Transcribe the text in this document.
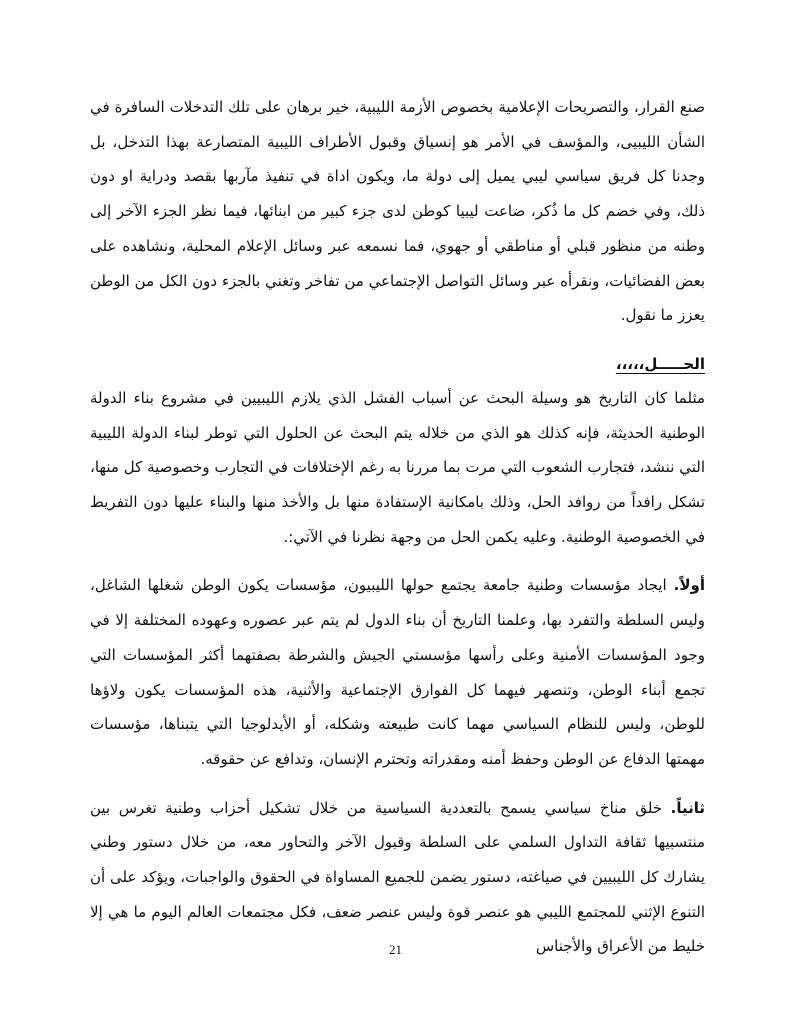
صنع القرار، والتصريحات الإعلامية بخصوص الأزمة الليبية، خير برهان على تلك التدخلات السافرة في الشأن الليبيى، والمؤسف في الأمر هو إنسياق وقبول الأطراف الليبية المتصارعة بهذا التدخل، بل وجدنا كل فريق سياسي ليبي يميل إلى دولة ما، ويكون اداة في تنفيذ مآربها بقصد ودراية او دون ذلك، وفي خضم كل ما ذُكر، ضاعت ليبيا كوطن لدى جزء كبير من ابنائها، فيما نظر الجزء الآخر إلى وطنه من منظور قبلي أو مناطقي أو جهوي، فما نسمعه عبر وسائل الإعلام المحلية، ونشاهده على بعض الفضائيات، ونقرأه عبر وسائل التواصل الإجتماعي من تفاخر وتغني بالجزء دون الكل من الوطن يعزز ما نقول.

الحـــــل،،،،،

مثلما كان التاريخ هو وسيلة البحث عن أسباب الفشل الذي يلازم الليبيين في مشروع بناء الدولة الوطنية الحديثة، فإنه كذلك هو الذي من خلاله يتم البحث عن الحلول التي توطر لبناء الدولة الليبية التي ننشد، فتجارب الشعوب التي مرت بما مررنا به رغم الإختلافات في التجارب وخصوصية كل منها، تشكل رافداً من روافد الحل، وذلك بامكانية الإستفادة منها بل والأخذ منها والبناء عليها دون التفريط في الخصوصية الوطنية. وعليه يكمن الحل من وجهة نظرنا في الآتي:.

أولاً. ايجاد مؤسسات وطنية جامعة يجتمع حولها الليبيون، مؤسسات يكون الوطن شغلها الشاغل، وليس السلطة والتفرد بها، وعلمنا التاريخ أن بناء الدول لم يتم عبر عصوره وعهوده المختلفة إلا في وجود المؤسسات الأمنية وعلى رأسها مؤسستي الجيش والشرطة بصفتهما أكثر المؤسسات التي تجمع أبناء الوطن، وتنصهر فيهما كل الفوارق الإجتماعية والأثنية، هذه المؤسسات يكون ولاؤها للوطن، وليس للنظام السياسي مهما كانت طبيعته وشكله، أو الأيدلوجيا التي يتبناها، مؤسسات مهمتها الدفاع عن الوطن وحفظ أمنه ومقدراته وتحترم الإنسان، وتدافع عن حقوقه.

ثانياً. خلق مناخ سياسي يسمح بالتعددية السياسية من خلال تشكيل أحزاب وطنية تغرس بين منتسبيها ثقافة التداول السلمي على السلطة وقبول الآخر والتحاور معه، من خلال دستور وطني يشارك كل الليبيين في صياغته، دستور يضمن للجميع المساواة في الحقوق والواجبات، ويؤكد على أن التنوع الإثني للمجتمع الليبي هو عنصر قوة وليس عنصر ضعف، فكل مجتمعات العالم اليوم ما هي إلا خليط من الأعراق والأجناس

21
